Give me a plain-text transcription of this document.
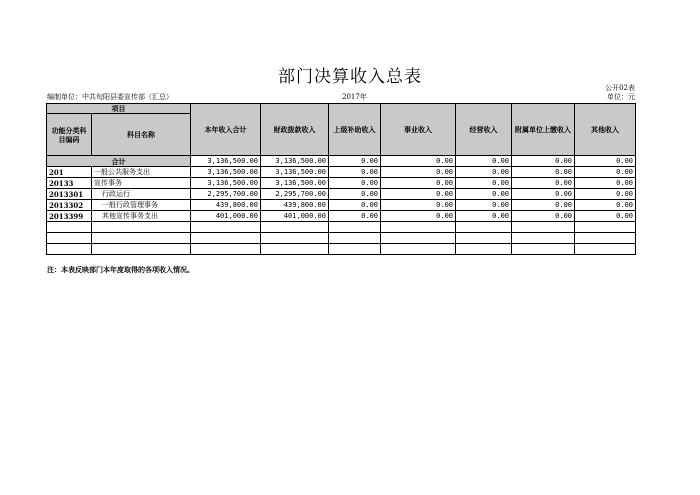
部门决算收入总表
公开02表
编制单位：中共旬阳县委宣传部（汇总）	2017年	单位：元
项目		本年收入合计	财政拨款收入	上级补助收入	事业收入	经营收入	附属单位上缴收入	其他收入
功能分类科目编码	科目名称							
合计		3,136,500.00	3,136,500.00	0.00	0.00	0.00	0.00	0.00
201	一般公共服务支出	3,136,500.00	3,136,500.00	0.00	0.00	0.00	0.00	0.00
20133	宣传事务	3,136,500.00	3,136,500.00	0.00	0.00	0.00	0.00	0.00
2013301	行政运行	2,295,700.00	2,295,700.00	0.00	0.00	0.00	0.00	0.00
2013302	一般行政管理事务	439,800.00	439,800.00	0.00	0.00	0.00	0.00	0.00
2013399	其他宣传事务支出	401,000.00	401,000.00	0.00	0.00	0.00	0.00	0.00

注：本表反映部门本年度取得的各项收入情况。
